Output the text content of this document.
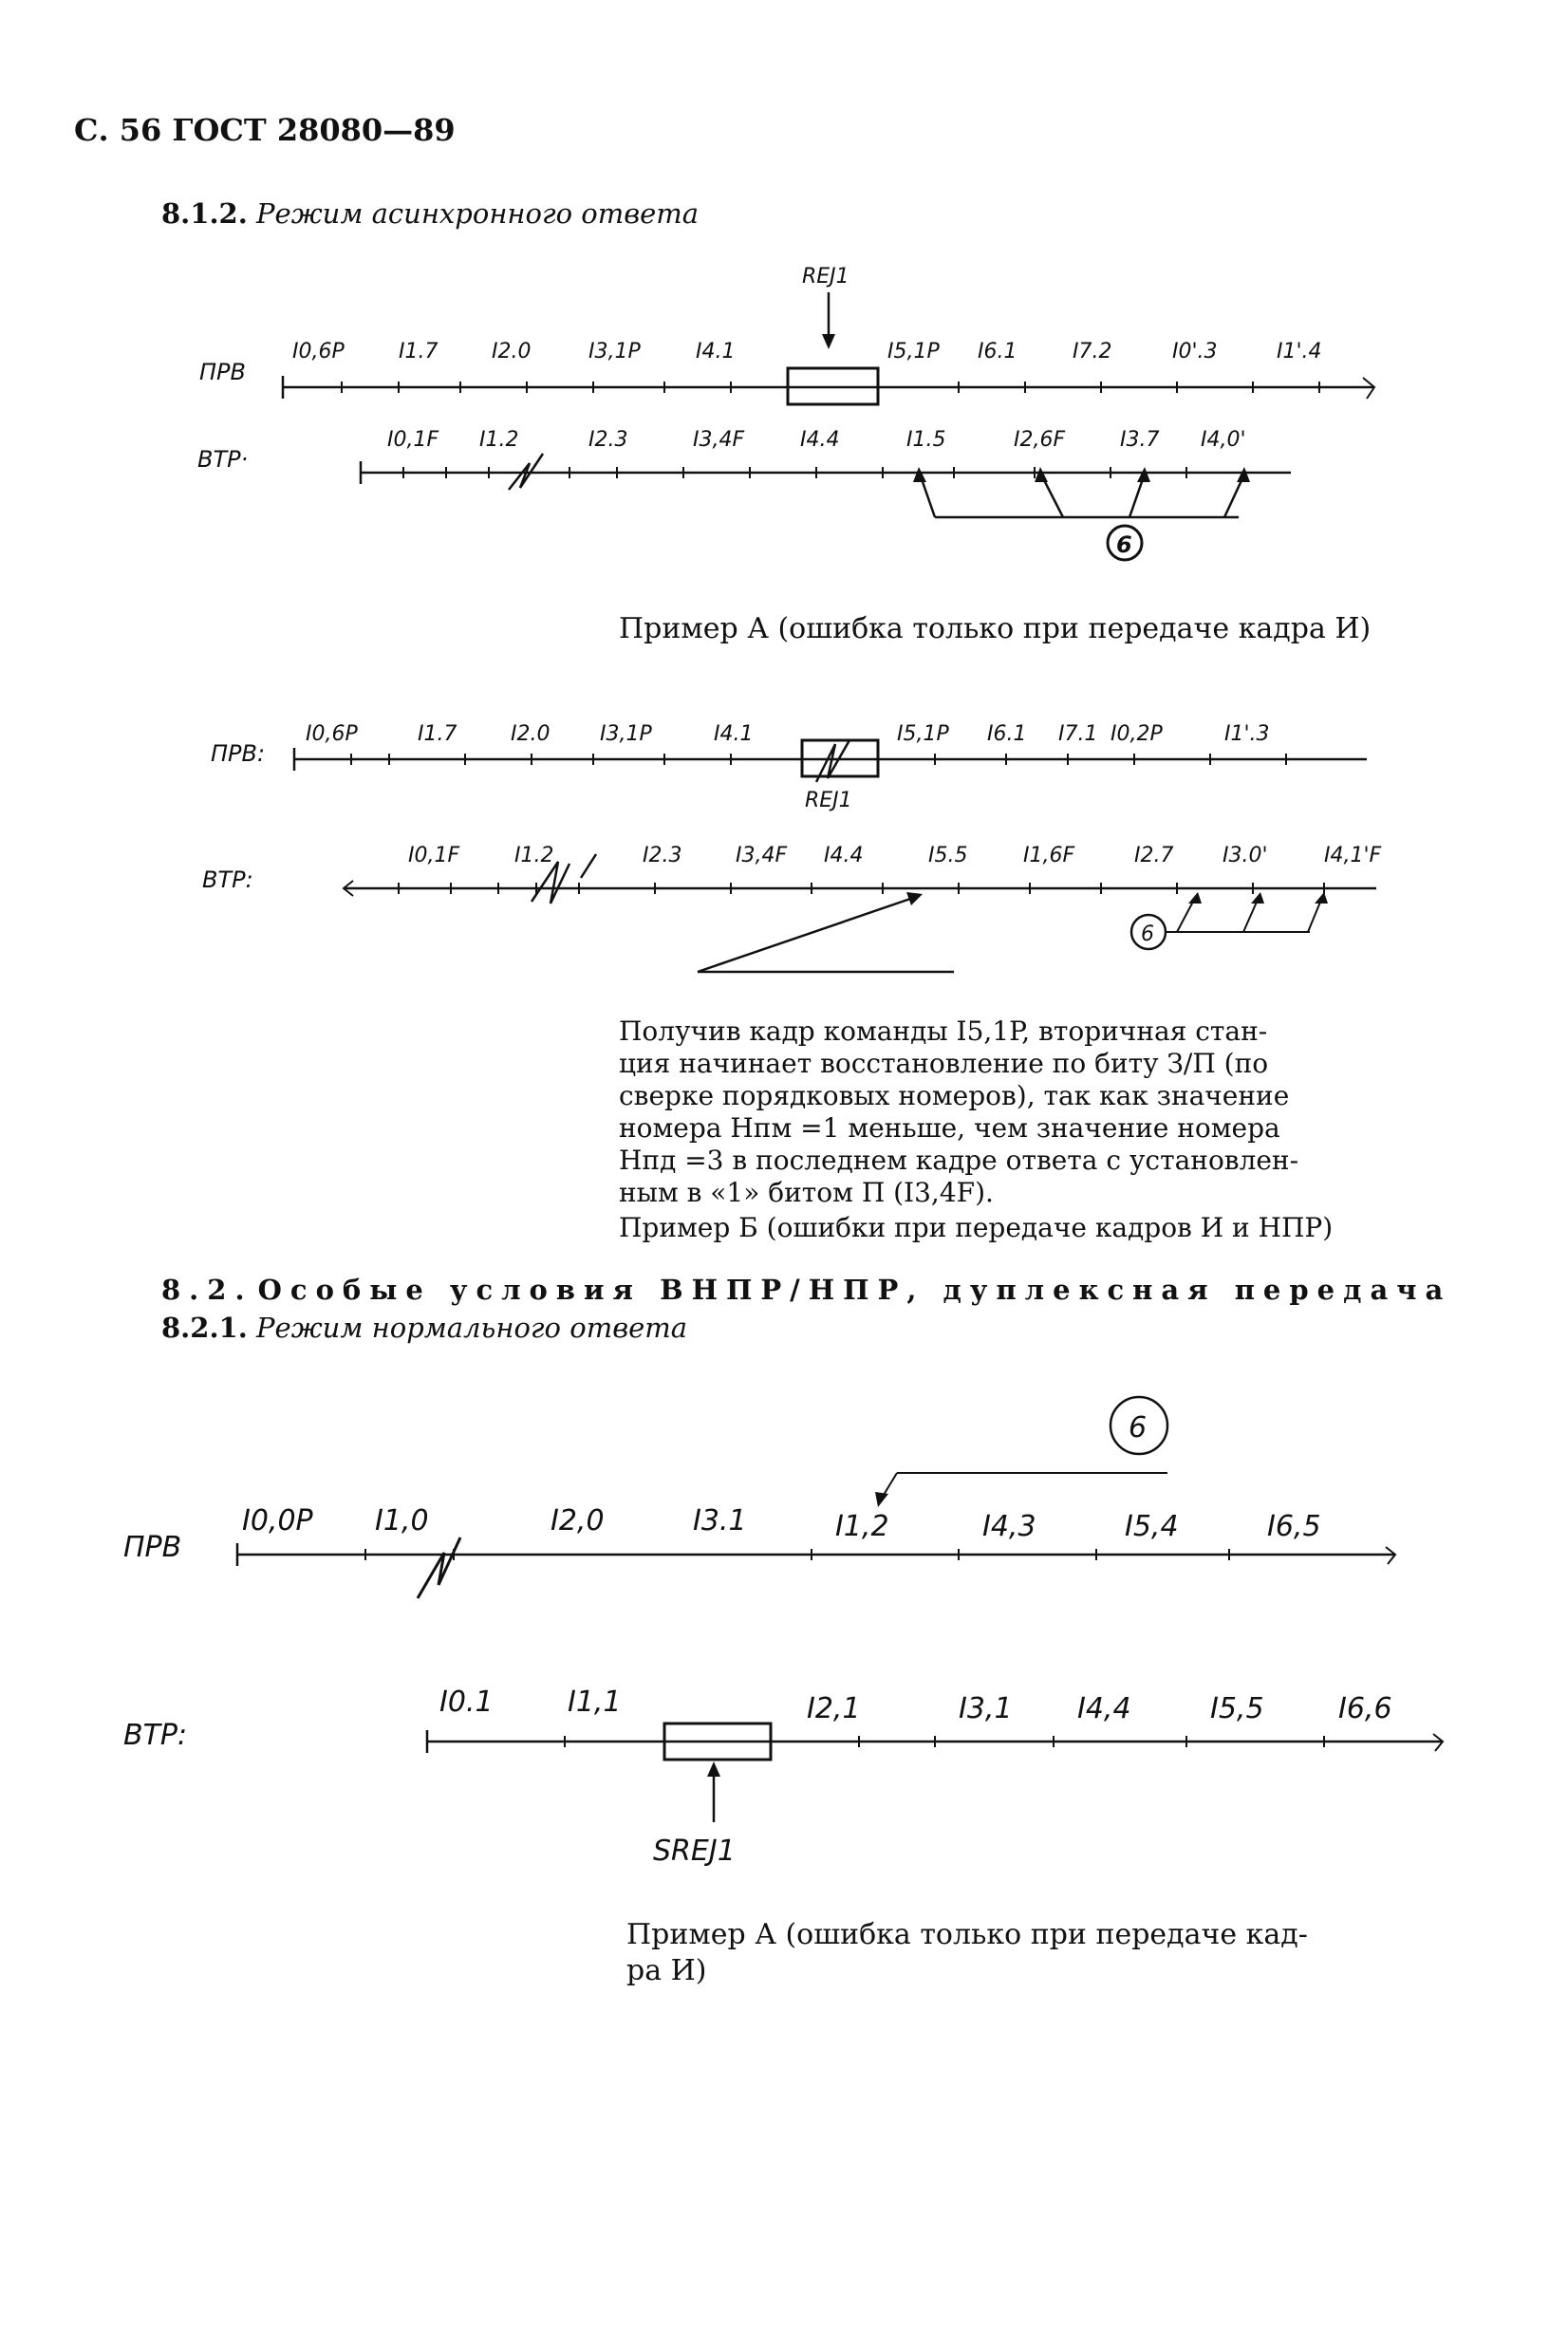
С. 56 ГОСТ 28080—89
8.1.2. Режим асинхронного ответа
REJ1
ПРВ
I0,6P	I1.7	I2.0	I3,1P	I4.1	I5,1P I6.1	I7.2	I0'.3	I1'.4
ВТР·
I0,1F I1.2	I2.3	I3,4F	I4.4	I1.5	I2,6F	I3.7 I4,0'
6
Пример А (ошибка только при передаче кадра И)
ПРВ:
I0,6P	I1.7	I2.0 I3,1P	I4.1	I5,1P I6.1 I7.1 I0,2P	I1'.3
REJ1
ВТР:
I0,1F	I1.2	I2.3	I3,4F I4.4	I5.5	I1,6F	I2.7 I3.0'	I4,1'F
6
Получив кадр команды I5,1P, вторичная стан-
ция начинает восстановление по биту З/П (по
сверке порядковых номеров), так как значение
номера Hпм =1 меньше, чем значение номера
Hпд =3 в последнем кадре ответа с установлен-
ным в «1» битом П (I3,4F).
Пример Б (ошибки при передаче кадров И и НПР)
8.2. Особые условия ВНПР/НПР, дуплексная передача
8.2.1. Режим нормального ответа
6
ПРВ
I0,0P I1,0	I2,0	I3.1	I1,2	I4,3	I5,4	I6,5
ВТР:
I0.1	I1,1	I2,1	I3,1 I4,4	I5,5	I6,6
SREJ1
Пример А (ошибка только при передаче кад-
ра И)
